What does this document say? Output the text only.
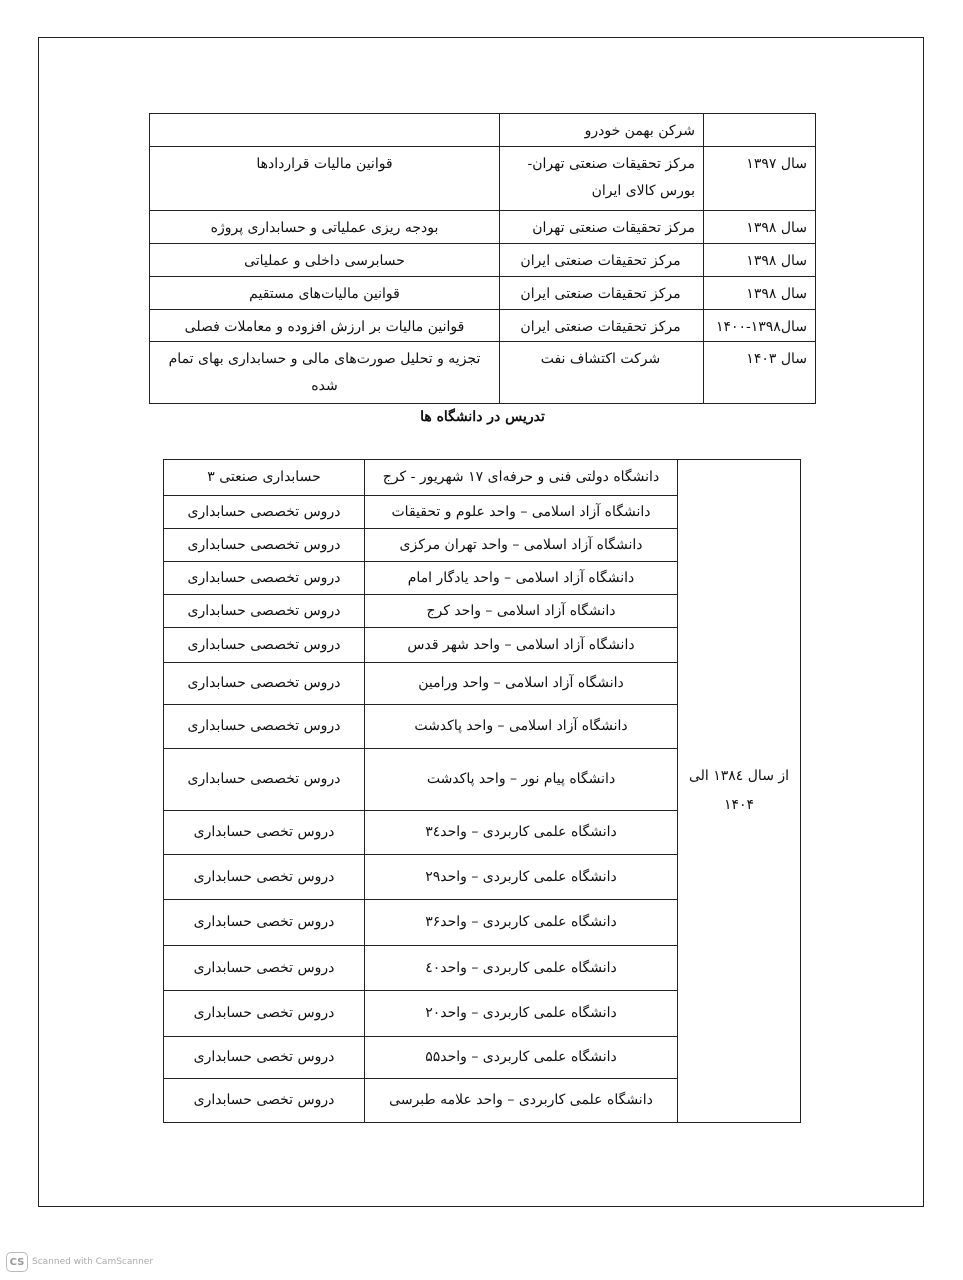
	شرکن بهمن خودرو	
سال ۱۳۹۷	مرکز تحقیقات صنعتی تهران- بورس کالای ایران	قوانین مالیات قراردادها
سال ۱۳۹۸	مرکز تحقیقات صنعتی تهران	بودجه ریزی عملیاتی و حسابداری پروژه
سال ۱۳۹۸	مرکز تحقیقات صنعتی ایران	حسابرسی داخلی و عملیاتی
سال ۱۳۹۸	مرکز تحقیقات صنعتی ایران	قوانین مالیات‌های مستقیم
سال۱۳۹۸-۱۴۰۰	مرکز تحقیقات صنعتی ایران	قوانین مالیات بر ارزش افزوده و معاملات فصلی
سال ۱۴۰۳	شرکت اکتشاف نفت	تجزیه و تحلیل صورت‌های مالی و حسابداری بهای تمام شده
تدریس در دانشگاه ها
از سال ۱۳۸٤ الی ۱۴۰۴	دانشگاه دولتی فنی و حرفه‌ای ۱۷ شهریور - کرج	حسابداری صنعتی ۳
	دانشگاه آزاد اسلامی – واحد علوم و تحقیقات	دروس تخصصی حسابداری
	دانشگاه آزاد اسلامی – واحد تهران مرکزی	دروس تخصصی حسابداری
	دانشگاه آزاد اسلامی – واحد یادگار امام	دروس تخصصی حسابداری
	دانشگاه آزاد اسلامی – واحد کرج	دروس تخصصی حسابداری
	دانشگاه آزاد اسلامی – واحد شهر قدس	دروس تخصصی حسابداری
	دانشگاه آزاد اسلامی – واحد ورامین	دروس تخصصی حسابداری
	دانشگاه آزاد اسلامی – واحد پاکدشت	دروس تخصصی حسابداری
	دانشگاه پیام نور – واحد پاکدشت	دروس تخصصی حسابداری
	دانشگاه علمی کاربردی – واحد۳٤	دروس تخصی حسابداری
	دانشگاه علمی کاربردی – واحد۲۹	دروس تخصی حسابداری
	دانشگاه علمی کاربردی – واحد۳۶	دروس تخصی حسابداری
	دانشگاه علمی کاربردی – واحد٤۰	دروس تخصی حسابداری
	دانشگاه علمی کاربردی – واحد۲۰	دروس تخصی حسابداری
	دانشگاه علمی کاربردی – واحد۵۵	دروس تخصی حسابداری
	دانشگاه علمی کاربردی – واحد علامه طبرسی	دروس تخصی حسابداری
CS Scanned with CamScanner
